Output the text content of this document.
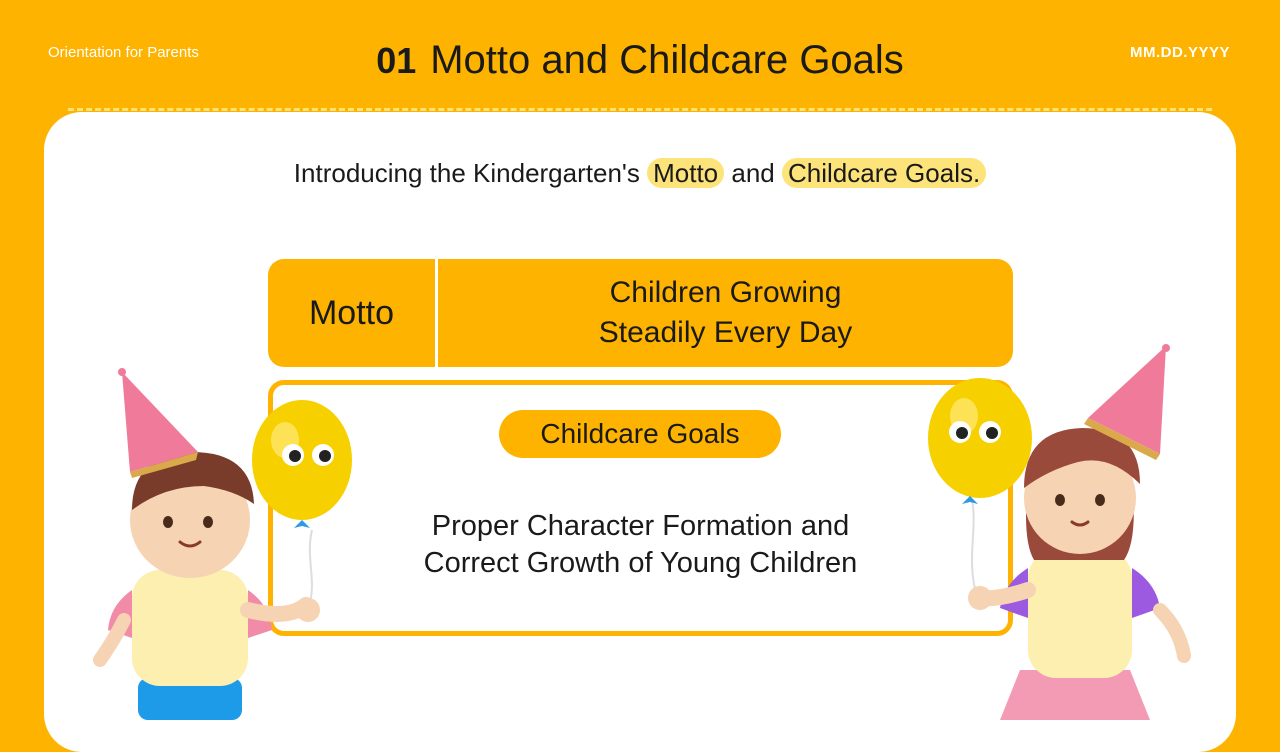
Orientation for Parents	MM.DD.YYYY
01 Motto and Childcare Goals
Introducing the Kindergarten's Motto and Childcare Goals.
Motto
Children Growing
Steadily Every Day
Childcare Goals
Proper Character Formation and
Correct Growth of Young Children
